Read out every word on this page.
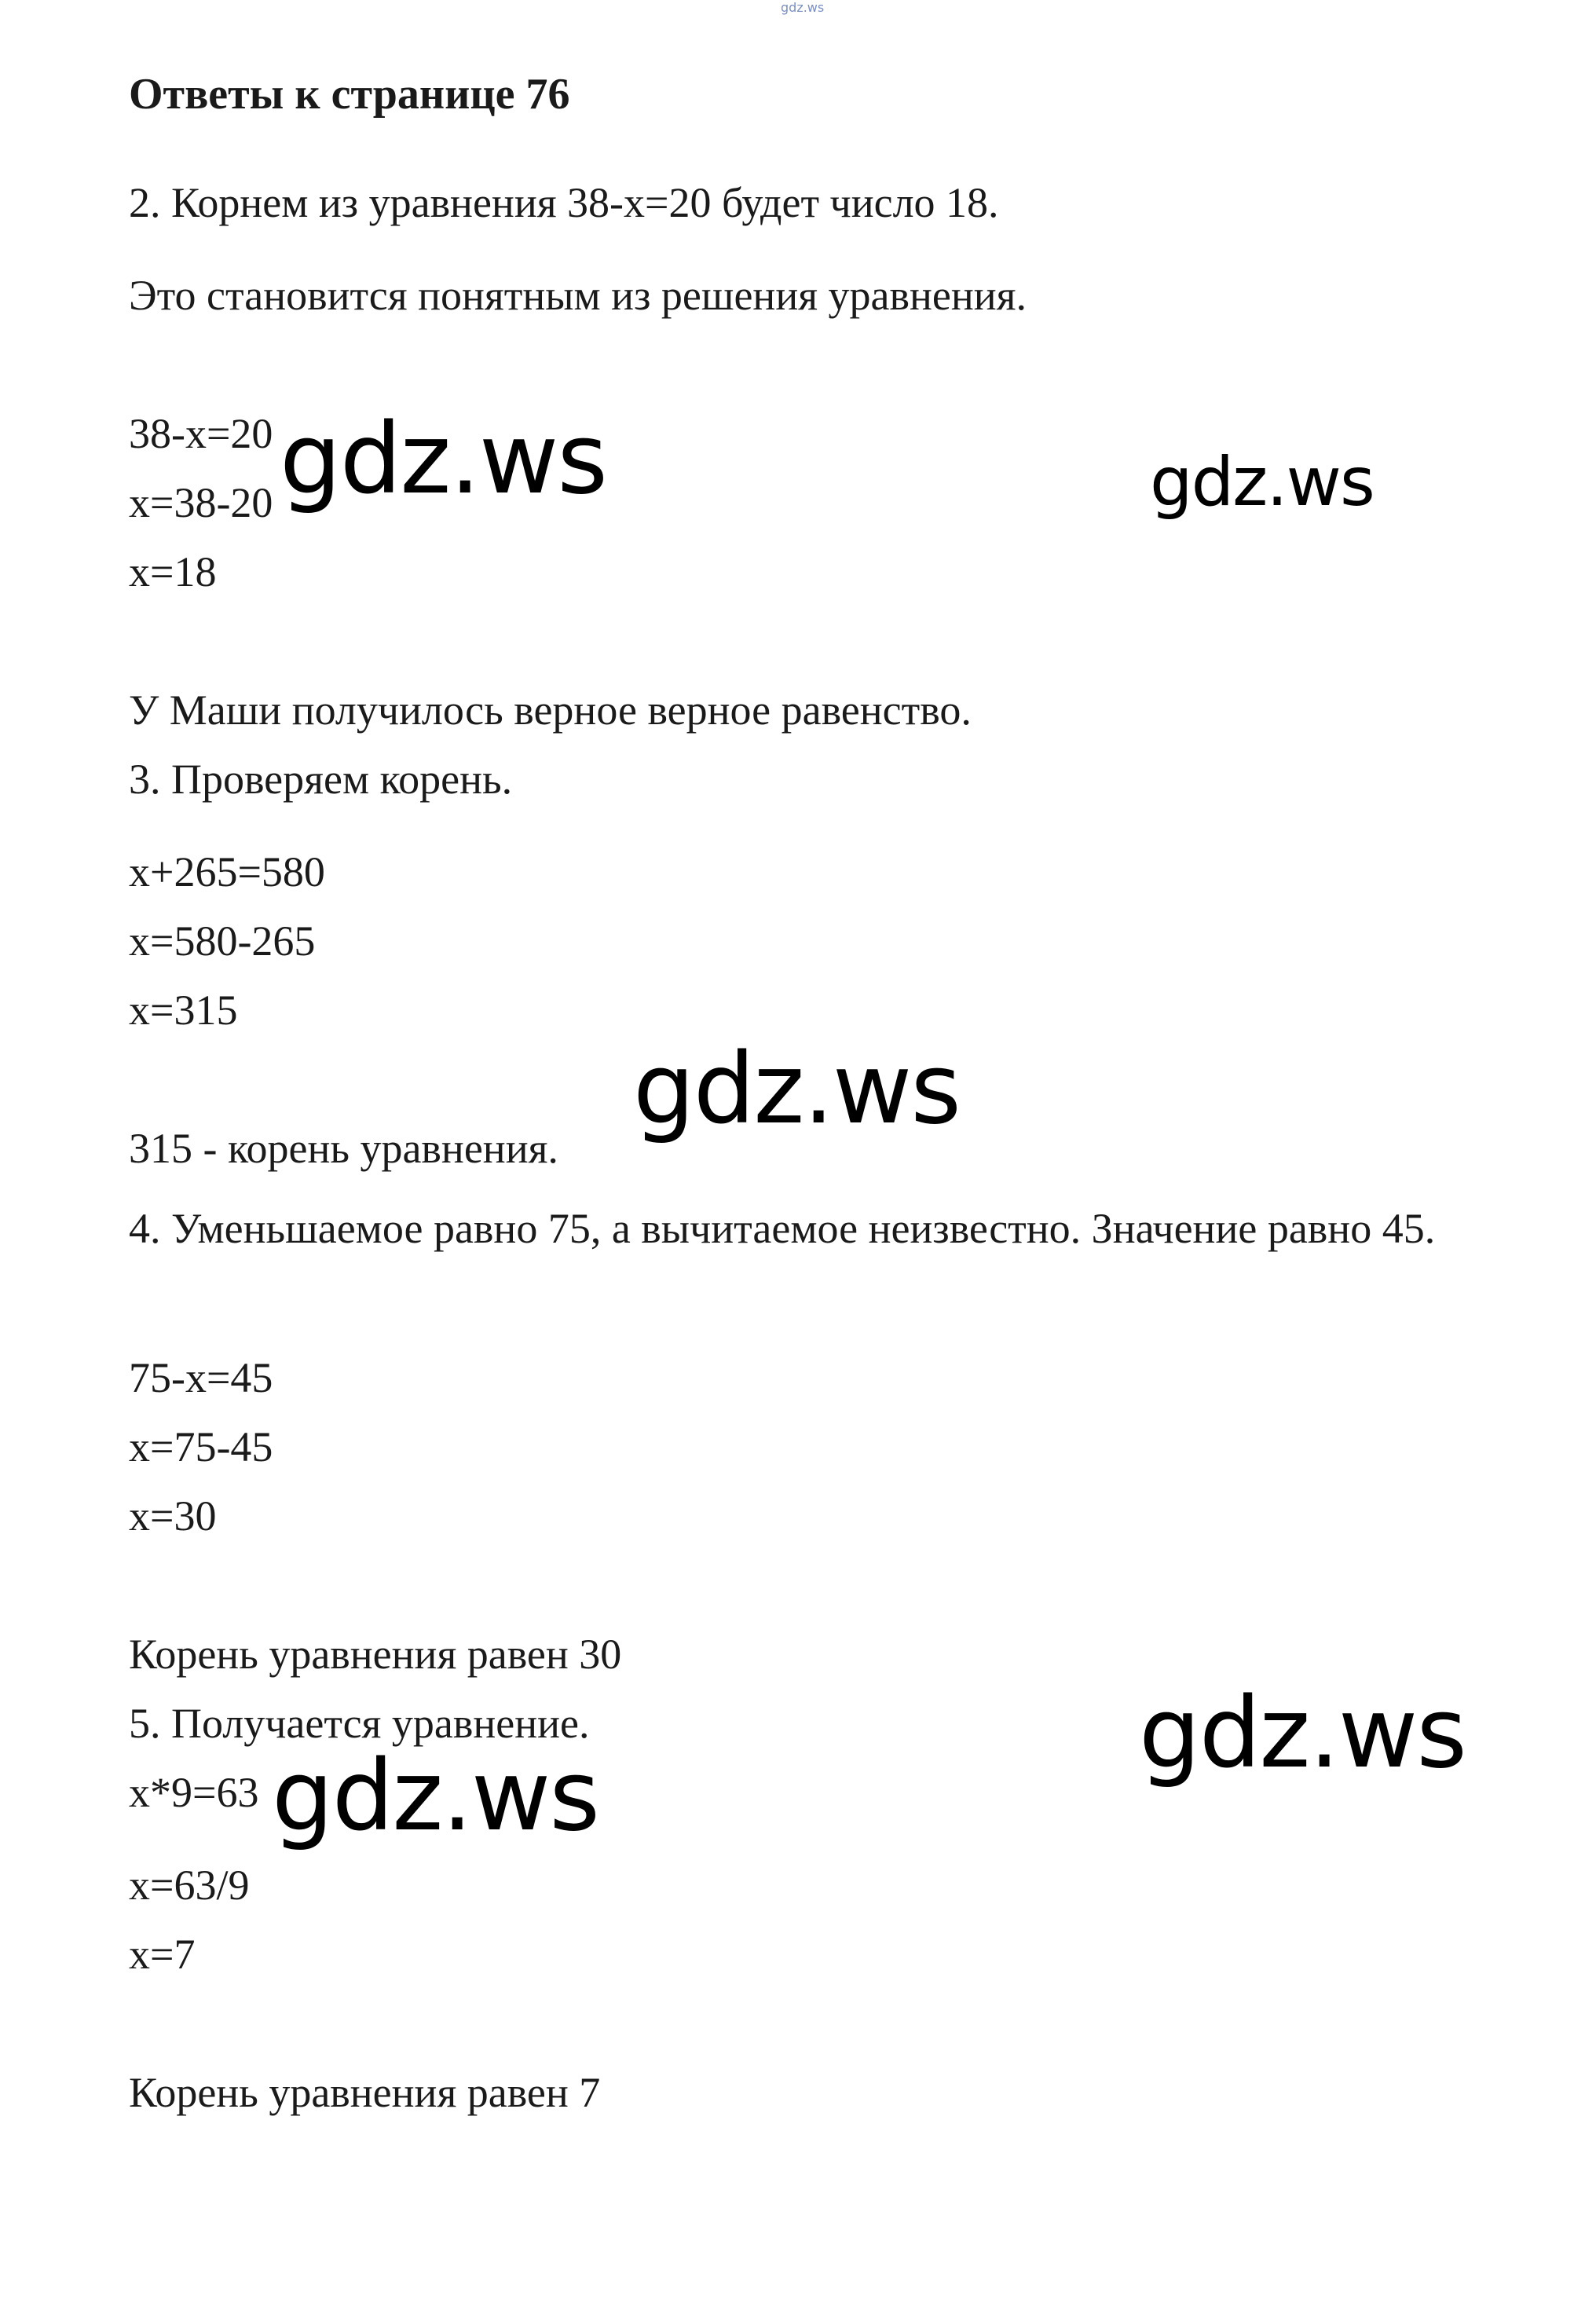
gdz.ws
Ответы к странице 76
2. Корнем из уравнения 38-x=20 будет число 18.
Это становится понятным из решения уравнения.
38-x=20
x=38-20
x=18
У Маши получилось верное верное равенство.
3. Проверяем корень.
x+265=580
x=580-265
x=315
315 - корень уравнения.
4. Уменьшаемое равно 75, а вычитаемое неизвестно. Значение равно 45.
75-x=45
x=75-45
x=30
Корень уравнения равен 30
5. Получается уравнение.
x*9=63
x=63/9
x=7
Корень уравнения равен 7
gdz.ws	gdz.ws
gdz.ws
gdz.ws
gdz.ws
